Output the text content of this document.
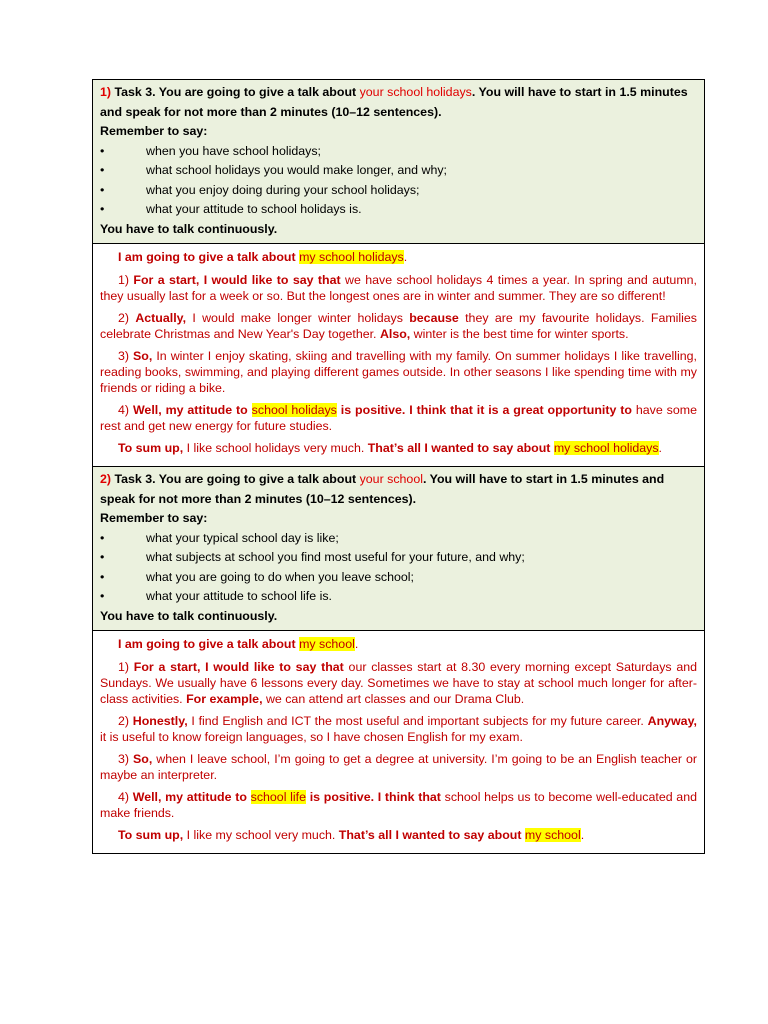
1) Task 3. You are going to give a talk about your school holidays. You will have to start in 1.5 minutes and speak for not more than 2 minutes (10–12 sentences).
Remember to say:
•	when you have school holidays;
•	what school holidays you would make longer, and why;
•	what you enjoy doing during your school holidays;
•	what your attitude to school holidays is.
You have to talk continuously.
I am going to give a talk about my school holidays.

1) For a start, I would like to say that we have school holidays 4 times a year. In spring and autumn, they usually last for a week or so. But the longest ones are in winter and summer. They are so different!

2) Actually, I would make longer winter holidays because they are my favourite holidays. Families celebrate Christmas and New Year's Day together. Also, winter is the best time for winter sports.

3) So, In winter I enjoy skating, skiing and travelling with my family. On summer holidays I like travelling, reading books, swimming, and playing different games outside. In other seasons I like spending time with my friends or riding a bike.

4) Well, my attitude to school holidays is positive. I think that it is a great opportunity to have some rest and get new energy for future studies.

To sum up, I like school holidays very much. That’s all I wanted to say about my school holidays.

2) Task 3. You are going to give a talk about your school. You will have to start in 1.5 minutes and speak for not more than 2 minutes (10–12 sentences).
Remember to say:
•	what your typical school day is like;
•	what subjects at school you find most useful for your future, and why;
•	what you are going to do when you leave school;
•	what your attitude to school life is.
You have to talk continuously.
I am going to give a talk about my school.

1) For a start, I would like to say that our classes start at 8.30 every morning except Saturdays and Sundays. We usually have 6 lessons every day. Sometimes we have to stay at school much longer for after-class activities. For example, we can attend art classes and our Drama Club.

2) Honestly, I find English and ICT the most useful and important subjects for my future career. Anyway, it is useful to know foreign languages, so I have chosen English for my exam.

3) So, when I leave school, I’m going to get a degree at university. I’m going to be an English teacher or maybe an interpreter.

4) Well, my attitude to school life is positive. I think that school helps us to become well-educated and make friends.

To sum up, I like my school very much. That’s all I wanted to say about my school.
